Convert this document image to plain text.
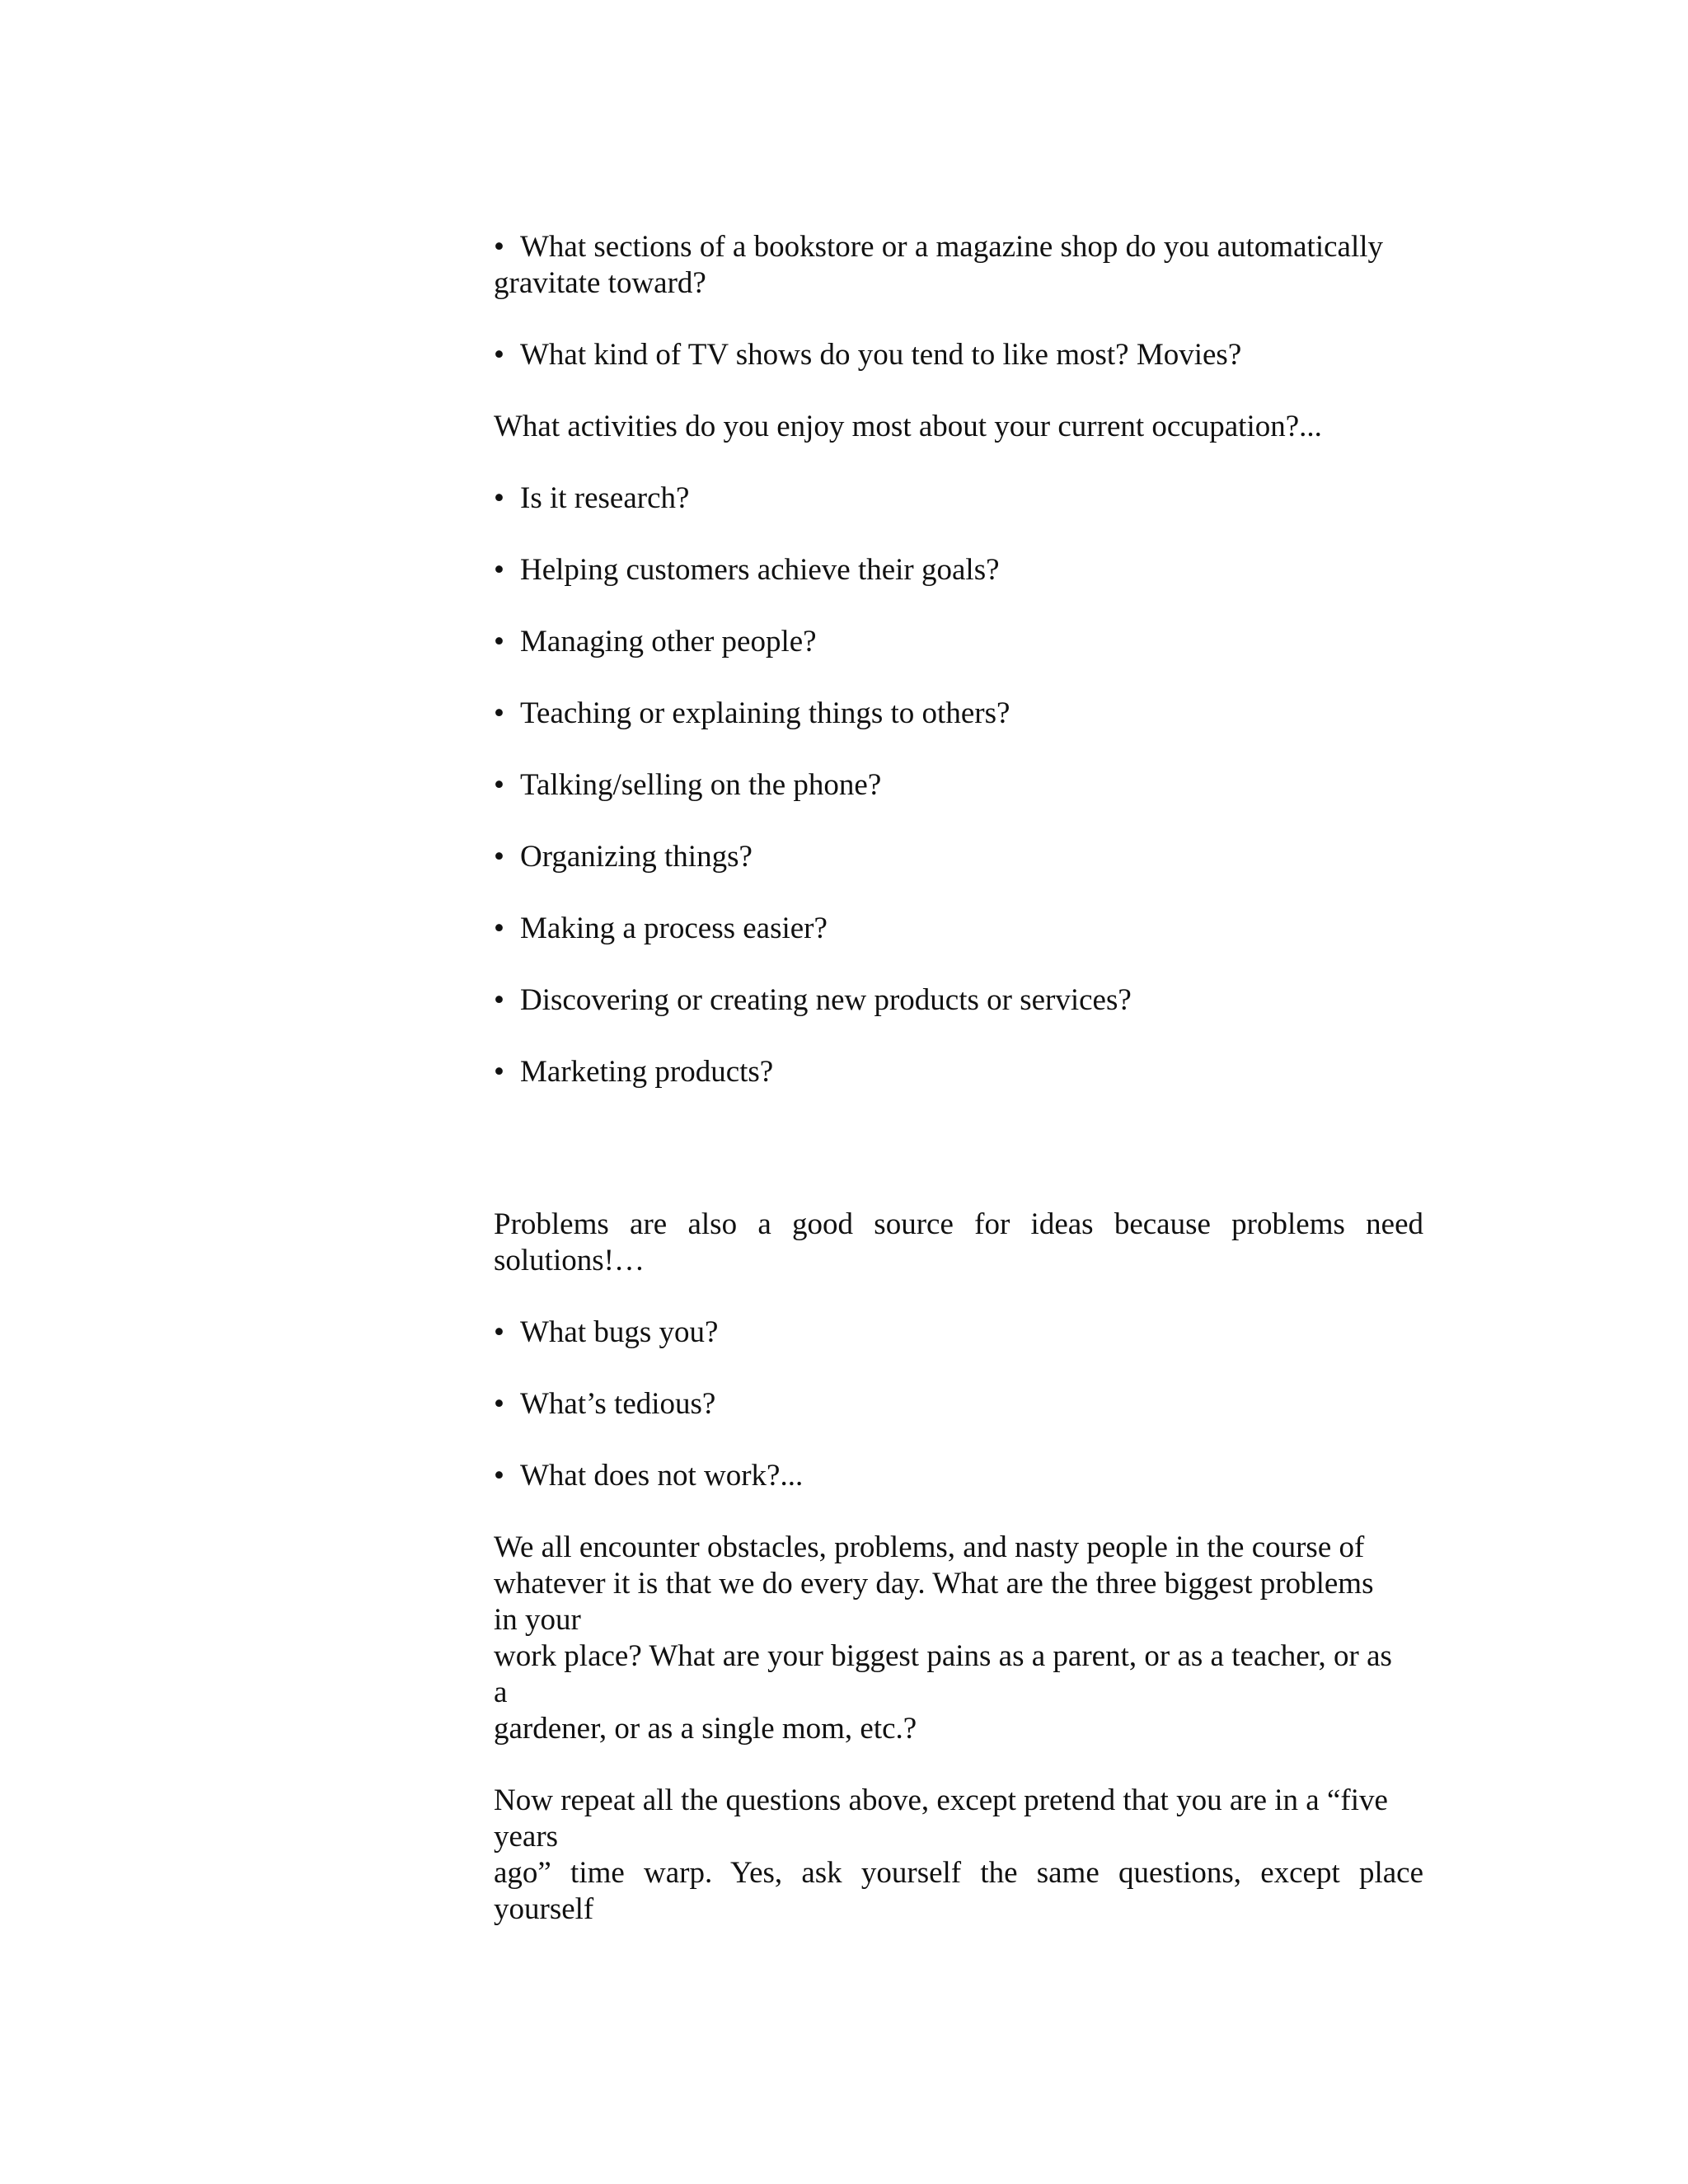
• What sections of a bookstore or a magazine shop do you automatically

gravitate toward?

• What kind of TV shows do you tend to like most? Movies?

What activities do you enjoy most about your current occupation?...

• Is it research?

• Helping customers achieve their goals?

• Managing other people?

• Teaching or explaining things to others?

• Talking/selling on the phone?

• Organizing things?

• Making a process easier?

• Discovering or creating new products or services?

• Marketing products?

Problems are also a good source for ideas because problems need

solutions!…

• What bugs you?

• What’s tedious?

• What does not work?...

We all encounter obstacles, problems, and nasty people in the course of

whatever it is that we do every day. What are the three biggest problems

in your

work place? What are your biggest pains as a parent, or as a teacher, or as

a

gardener, or as a single mom, etc.?

Now repeat all the questions above, except pretend that you are in a “five

years

ago” time warp. Yes, ask yourself the same questions, except place

yourself
